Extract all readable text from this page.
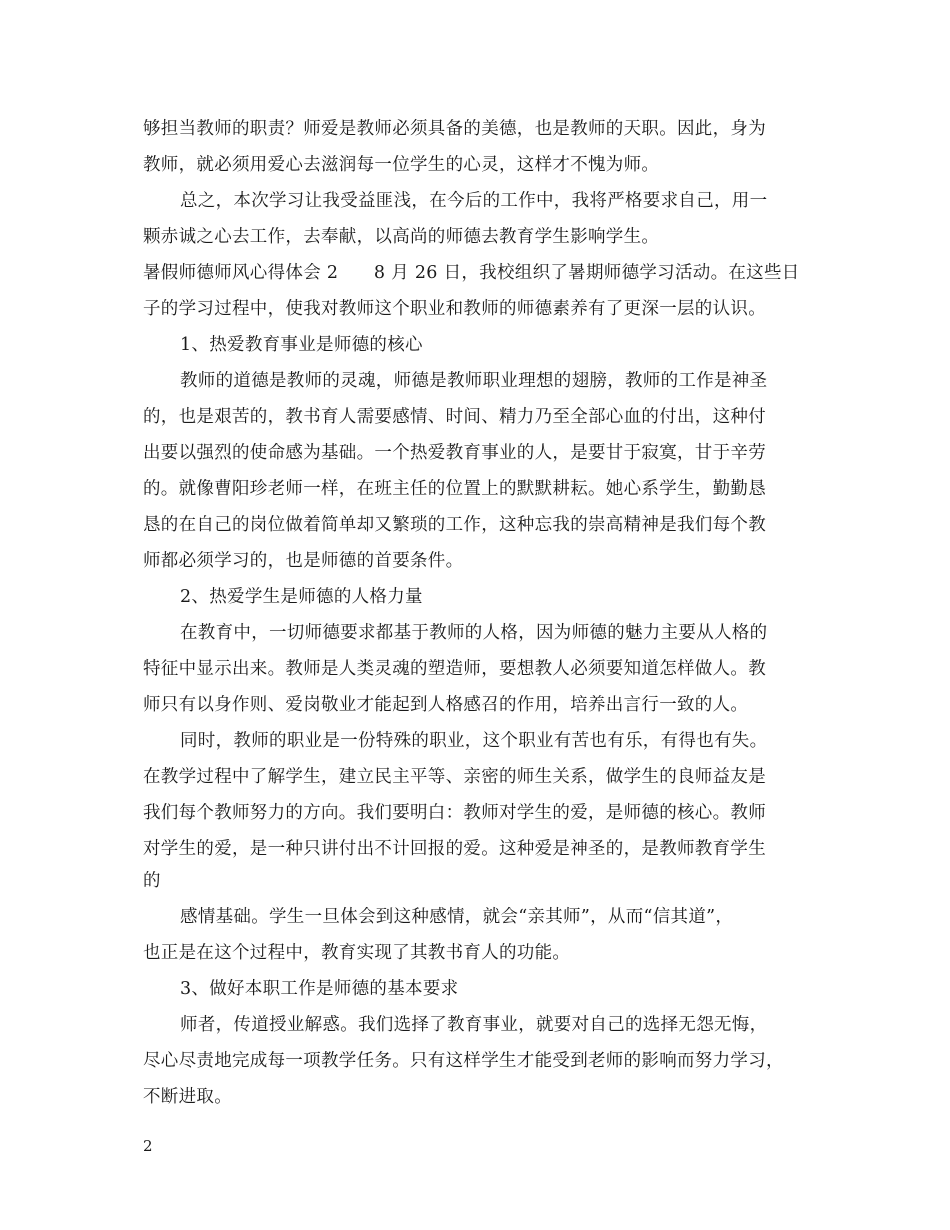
够担当教师的职责？师爱是教师必须具备的美德，也是教师的天职。因此，身为
教师，就必须用爱心去滋润每一位学生的心灵，这样才不愧为师。
总之，本次学习让我受益匪浅，在今后的工作中，我将严格要求自己，用一
颗赤诚之心去工作，去奉献，以高尚的师德去教育学生影响学生。
暑假师德师风心得体会 2　　8 月 26 日，我校组织了暑期师德学习活动。在这些日
子的学习过程中，使我对教师这个职业和教师的师德素养有了更深一层的认识。
1、热爱教育事业是师德的核心
教师的道德是教师的灵魂，师德是教师职业理想的翅膀，教师的工作是神圣
的，也是艰苦的，教书育人需要感情、时间、精力乃至全部心血的付出，这种付
出要以强烈的使命感为基础。一个热爱教育事业的人，是要甘于寂寞，甘于辛劳
的。就像曹阳珍老师一样，在班主任的位置上的默默耕耘。她心系学生，勤勤恳
恳的在自己的岗位做着简单却又繁琐的工作，这种忘我的崇高精神是我们每个教
师都必须学习的，也是师德的首要条件。
2、热爱学生是师德的人格力量
在教育中，一切师德要求都基于教师的人格，因为师德的魅力主要从人格的
特征中显示出来。教师是人类灵魂的塑造师，要想教人必须要知道怎样做人。教
师只有以身作则、爱岗敬业才能起到人格感召的作用，培养出言行一致的人。
同时，教师的职业是一份特殊的职业，这个职业有苦也有乐，有得也有失。
在教学过程中了解学生，建立民主平等、亲密的师生关系，做学生的良师益友是
我们每个教师努力的方向。我们要明白：教师对学生的爱，是师德的核心。教师
对学生的爱，是一种只讲付出不计回报的爱。这种爱是神圣的，是教师教育学生
的
感情基础。学生一旦体会到这种感情，就会“亲其师”，从而“信其道”，
也正是在这个过程中，教育实现了其教书育人的功能。
3、做好本职工作是师德的基本要求
师者，传道授业解惑。我们选择了教育事业，就要对自己的选择无怨无悔，
尽心尽责地完成每一项教学任务。只有这样学生才能受到老师的影响而努力学习，
不断进取。
2
